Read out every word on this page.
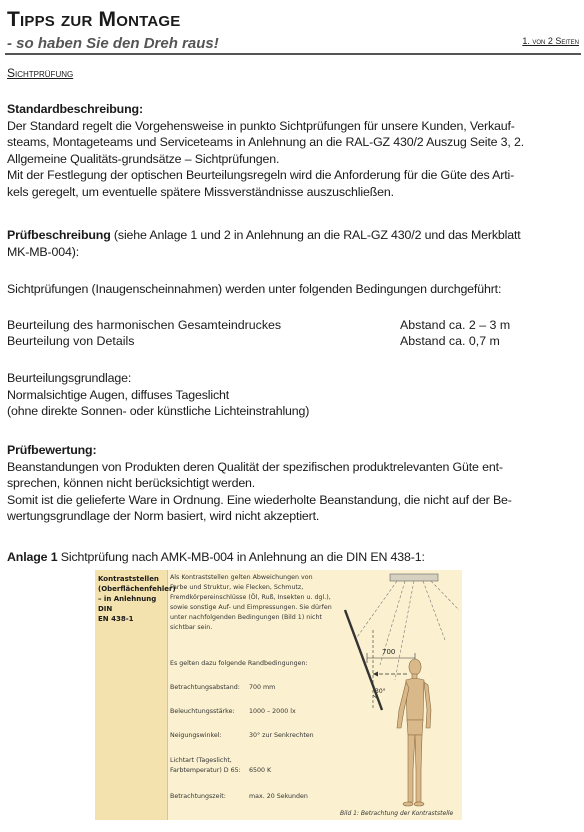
Tipps zur Montage
- so haben Sie den Dreh raus!	1. von 2 Seiten
Sichtprüfung
Standardbeschreibung:
Der Standard regelt die Vorgehensweise in punkto Sichtprüfungen für unsere Kunden, Verkauf-
steams, Montageteams und Serviceteams in Anlehnung an die RAL-GZ 430/2 Auszug Seite 3, 2.
Allgemeine Qualitäts-grundsätze – Sichtprüfungen.
Mit der Festlegung der optischen Beurteilungsregeln wird die Anforderung für die Güte des Arti-
kels geregelt, um eventuelle spätere Missverständnisse auszuschließen.
Prüfbeschreibung (siehe Anlage 1 und 2 in Anlehnung an die RAL-GZ 430/2 und das Merkblatt
MK-MB-004):
Sichtprüfungen (Inaugenscheinnahmen) werden unter folgenden Bedingungen durchgeführt:
Beurteilung des harmonischen Gesamteindruckes	Abstand ca. 2 – 3 m
Beurteilung von Details	Abstand ca. 0,7 m
Beurteilungsgrundlage:
Normalsichtige Augen, diffuses Tageslicht
(ohne direkte Sonnen- oder künstliche Lichteinstrahlung)
Prüfbewertung:
Beanstandungen von Produkten deren Qualität der spezifischen produktrelevanten Güte ent-
sprechen, können nicht berücksichtigt werden.
Somit ist die gelieferte Ware in Ordnung. Eine wiederholte Beanstandung, die nicht auf der Be-
wertungsgrundlage der Norm basiert, wird nicht akzeptiert.
Anlage 1 Sichtprüfung nach AMK-MB-004 in Anlehnung an die DIN EN 438-1:
Kontraststellen
(Oberflächenfehler)
– in Anlehnung DIN
EN 438-1
Als Kontraststellen gelten Abweichungen von
Farbe und Struktur, wie Flecken, Schmutz,
Fremdkörpereinschlüsse (Öl, Ruß, Insekten u. dgl.),
sowie sonstige Auf- und Eimpressungen. Sie dürfen
unter nachfolgenden Bedingungen (Bild 1) nicht
sichtbar sein.
Es gelten dazu folgende Randbedingungen:
Betrachtungsabstand: 700 mm
Beleuchtungsstärke: 1000 – 2000 lx
Neigungswinkel:	30° zur Senkrechten
Lichtart (Tageslicht,
Farbtemperatur) D 65: 6500 K
Betrachtungszeit:	max. 20 Sekunden
30°
700
Bild 1: Betrachtung der Kontraststelle
